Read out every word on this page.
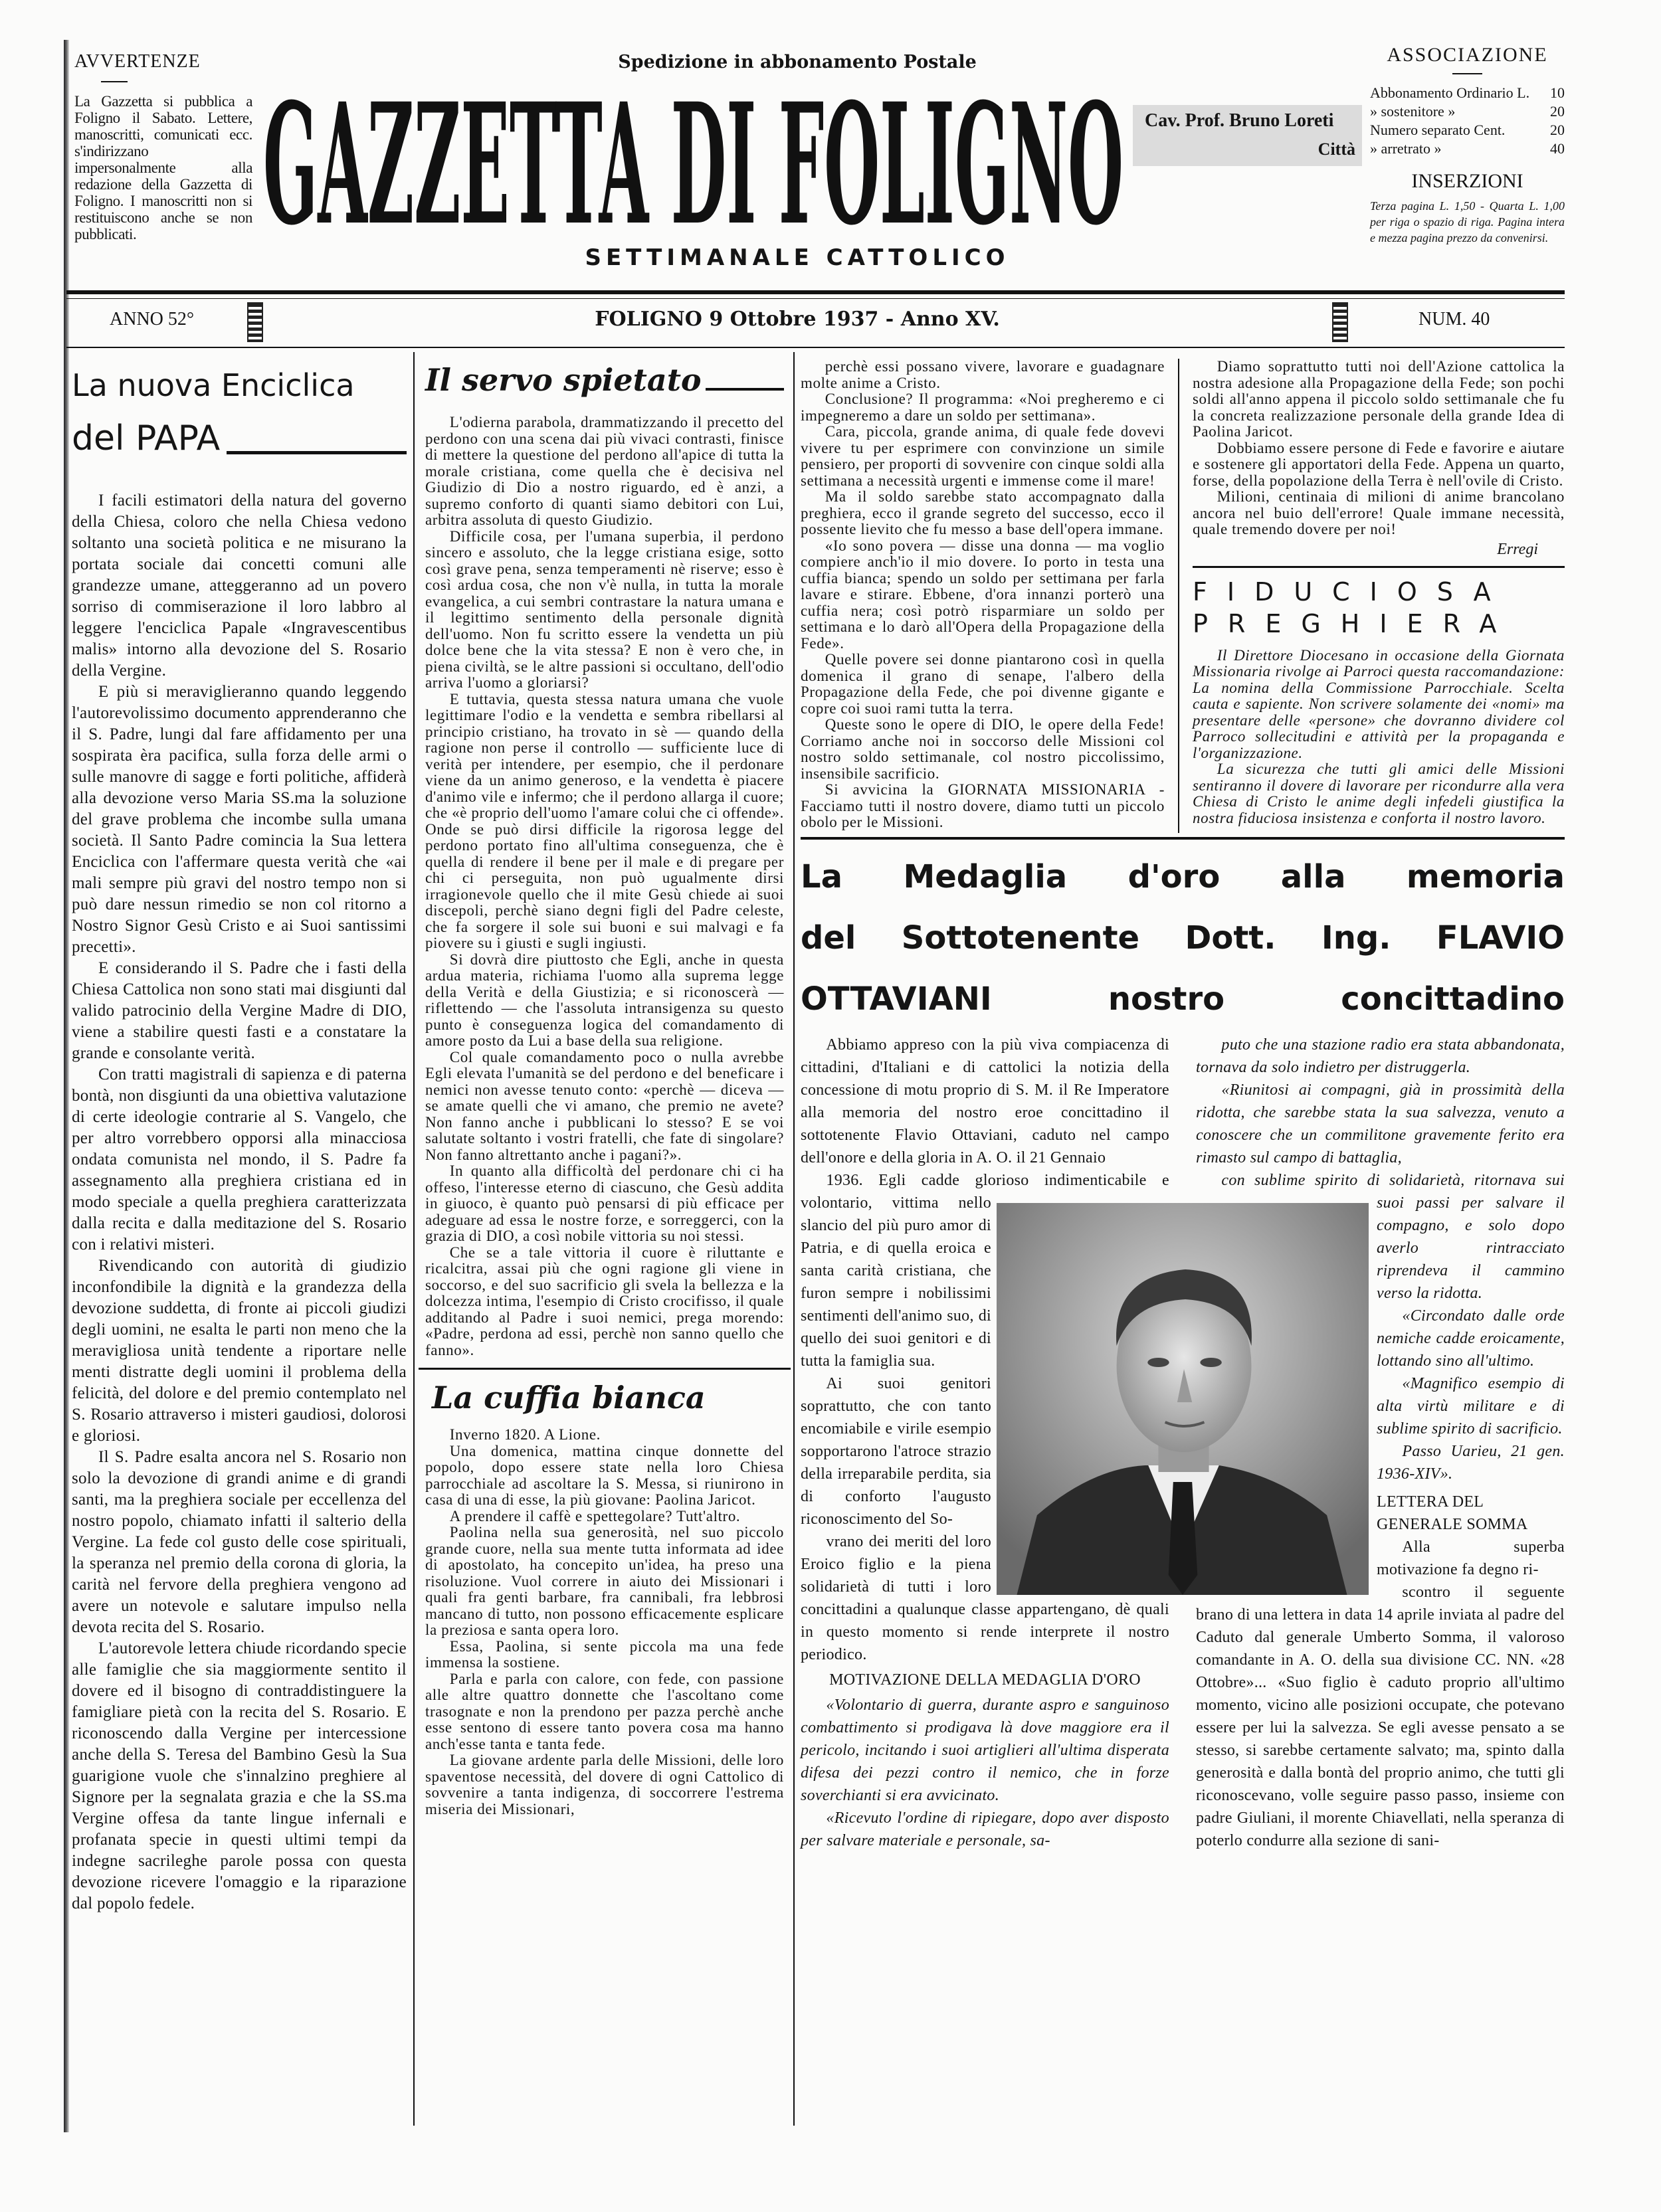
AVVERTENZE
La Gazzetta si pubblica a Foligno il Sabato. Lettere, manoscritti, comunicati ecc. s'indirizzano impersonalmente alla redazione della Gazzetta di Foligno. I manoscritti non si restituiscono anche se non pubblicati.
Spedizione in abbonamento Postale
GAZZETTA DI FOLIGNO Cav. Prof. Bruno Loreti
Città
SETTIMANALE CATTOLICO
ASSOCIAZIONE
Abbonamento Ordinario L. 10
» sostenitore »	20
Numero separato Cent.	20
» arretrato »	40
INSERZIONI
Terza pagina L. 1,50 - Quarta L. 1,00 per riga o spazio di riga. Pagina intera e mezza pagina prezzo da convenirsi.
ANNO 52°	FOLIGNO 9 Ottobre 1937 - Anno XV.	NUM. 40
La nuova Enciclica
del PAPA

I facili estimatori della natura del governo della Chiesa, coloro che nella Chiesa vedono soltanto una società politica e ne misurano la portata sociale dai concetti comuni alle grandezze umane, atteggeranno ad un povero sorriso di commiserazione il loro labbro al leggere l'enciclica Papale «Ingravescentibus malis» intorno alla devozione del S. Rosario della Vergine.

E più si meraviglieranno quando leggendo l'autorevolissimo documento apprenderanno che il S. Padre, lungi dal fare affidamento per una sospirata èra pacifica, sulla forza delle armi o sulle manovre di sagge e forti politiche, affiderà alla devozione verso Maria SS.ma la soluzione del grave problema che incombe sulla umana società. Il Santo Padre comincia la Sua lettera Enciclica con l'affermare questa verità che «ai mali sempre più gravi del nostro tempo non si può dare nessun rimedio se non col ritorno a Nostro Signor Gesù Cristo e ai Suoi santissimi precetti».

E considerando il S. Padre che i fasti della Chiesa Cattolica non sono stati mai disgiunti dal valido patrocinio della Vergine Madre di DIO, viene a stabilire questi fasti e a constatare la grande e consolante verità.

Con tratti magistrali di sapienza e di paterna bontà, non disgiunti da una obiettiva valutazione di certe ideologie contrarie al S. Vangelo, che per altro vorrebbero opporsi alla minacciosa ondata comunista nel mondo, il S. Padre fa assegnamento alla preghiera cristiana ed in modo speciale a quella preghiera caratterizzata dalla recita e dalla meditazione del S. Rosario con i relativi misteri.

Rivendicando con autorità di giudizio inconfondibile la dignità e la grandezza della devozione suddetta, di fronte ai piccoli giudizi degli uomini, ne esalta le parti non meno che la meravigliosa unità tendente a riportare nelle menti distratte degli uomini il problema della felicità, del dolore e del premio contemplato nel S. Rosario attraverso i misteri gaudiosi, dolorosi e gloriosi.

Il S. Padre esalta ancora nel S. Rosario non solo la devozione di grandi anime e di grandi santi, ma la preghiera sociale per eccellenza del nostro popolo, chiamato infatti il salterio della Vergine. La fede col gusto delle cose spirituali, la speranza nel premio della corona di gloria, la carità nel fervore della preghiera vengono ad avere un notevole e salutare impulso nella devota recita del S. Rosario.

L'autorevole lettera chiude ricordando specie alle famiglie che sia maggiormente sentito il dovere ed il bisogno di contraddistinguere la famigliare pietà con la recita del S. Rosario. E riconoscendo dalla Vergine per intercessione anche della S. Teresa del Bambino Gesù la Sua guarigione vuole che s'innalzino preghiere al Signore per la segnalata grazia e che la SS.ma Vergine offesa da tante lingue infernali e profanata specie in questi ultimi tempi da indegne sacrileghe parole possa con questa devozione ricevere l'omaggio e la riparazione dal popolo fedele.

Il servo spietato

L'odierna parabola, drammatizzando il precetto del perdono con una scena dai più vivaci contrasti, finisce di mettere la questione del perdono all'apice di tutta la morale cristiana, come quella che è decisiva nel Giudizio di Dio a nostro riguardo, ed è anzi, a supremo conforto di quanti siamo debitori con Lui, arbitra assoluta di questo Giudizio.

Difficile cosa, per l'umana superbia, il perdono sincero e assoluto, che la legge cristiana esige, sotto così grave pena, senza temperamenti nè riserve; esso è così ardua cosa, che non v'è nulla, in tutta la morale evangelica, a cui sembri contrastare la natura umana e il legittimo sentimento della personale dignità dell'uomo. Non fu scritto essere la vendetta un più dolce bene che la vita stessa? E non è vero che, in piena civiltà, se le altre passioni si occultano, dell'odio arriva l'uomo a gloriarsi?

E tuttavia, questa stessa natura umana che vuole legittimare l'odio e la vendetta e sembra ribellarsi al principio cristiano, ha trovato in sè — quando della ragione non perse il controllo — sufficiente luce di verità per intendere, per esempio, che il perdonare viene da un animo generoso, e la vendetta è piacere d'animo vile e infermo; che il perdono allarga il cuore; che «è proprio dell'uomo l'amare colui che ci offende». Onde se può dirsi difficile la rigorosa legge del perdono portato fino all'ultima conseguenza, che è quella di rendere il bene per il male e di pregare per chi ci perseguita, non può ugualmente dirsi irragionevole quello che il mite Gesù chiede ai suoi discepoli, perchè siano degni figli del Padre celeste, che fa sorgere il sole sui buoni e sui malvagi e fa piovere su i giusti e sugli ingiusti.

Si dovrà dire piuttosto che Egli, anche in questa ardua materia, richiama l'uomo alla suprema legge della Verità e della Giustizia; e si riconoscerà — riflettendo — che l'assoluta intransigenza su questo punto è conseguenza logica del comandamento di amore posto da Lui a base della sua religione.

Col quale comandamento poco o nulla avrebbe Egli elevata l'umanità se del perdono e del beneficare i nemici non avesse tenuto conto: «perchè — diceva — se amate quelli che vi amano, che premio ne avete? Non fanno anche i pubblicani lo stesso? E se voi salutate soltanto i vostri fratelli, che fate di singolare? Non fanno altrettanto anche i pagani?».

In quanto alla difficoltà del perdonare chi ci ha offeso, l'interesse eterno di ciascuno, che Gesù addita in giuoco, è quanto può pensarsi di più efficace per adeguare ad essa le nostre forze, e sorreggerci, con la grazia di DIO, a così nobile vittoria su noi stessi.

Che se a tale vittoria il cuore è riluttante e ricalcitra, assai più che ogni ragione gli viene in soccorso, e del suo sacrificio gli svela la bellezza e la dolcezza intima, l'esempio di Cristo crocifisso, il quale additando al Padre i suoi nemici, prega morendo: «Padre, perdona ad essi, perchè non sanno quello che fanno».

La cuffia bianca

Inverno 1820. A Lione.

Una domenica, mattina cinque donnette del popolo, dopo essere state nella loro Chiesa parrocchiale ad ascoltare la S. Messa, si riunirono in casa di una di esse, la più giovane: Paolina Jaricot.

A prendere il caffè e spettegolare? Tutt'altro.

Paolina nella sua generosità, nel suo piccolo grande cuore, nella sua mente tutta informata ad idee di apostolato, ha concepito un'idea, ha preso una risoluzione. Vuol correre in aiuto dei Missionari i quali fra genti barbare, fra cannibali, fra lebbrosi mancano di tutto, non possono efficacemente esplicare la preziosa e santa opera loro.

Essa, Paolina, si sente piccola ma una fede immensa la sostiene.

Parla e parla con calore, con fede, con passione alle altre quattro donnette che l'ascoltano come trasognate e non la prendono per pazza perchè anche esse sentono di essere tanto povera cosa ma hanno anch'esse tanta e tanta fede.

La giovane ardente parla delle Missioni, delle loro spaventose necessità, del dovere di ogni Cattolico di sovvenire a tanta indigenza, di soccorrere l'estrema miseria dei Missionari,

perchè essi possano vivere, lavorare e guadagnare molte anime a Cristo.

Conclusione? Il programma: «Noi pregheremo e ci impegneremo a dare un soldo per settimana».

Cara, piccola, grande anima, di quale fede dovevi vivere tu per esprimere con convinzione un simile pensiero, per proporti di sovvenire con cinque soldi alla settimana a necessità urgenti e immense come il mare!

Ma il soldo sarebbe stato accompagnato dalla preghiera, ecco il grande segreto del successo, ecco il possente lievito che fu messo a base dell'opera immane.

«Io sono povera — disse una donna — ma voglio compiere anch'io il mio dovere. Io porto in testa una cuffia bianca; spendo un soldo per settimana per farla lavare e stirare. Ebbene, d'ora innanzi porterò una cuffia nera; così potrò risparmiare un soldo per settimana e lo darò all'Opera della Propagazione della Fede».

Quelle povere sei donne piantarono così in quella domenica il grano di senape, l'albero della Propagazione della Fede, che poi divenne gigante e copre coi suoi rami tutta la terra.

Queste sono le opere di DIO, le opere della Fede! Corriamo anche noi in soccorso delle Missioni col nostro soldo settimanale, col nostro piccolissimo, insensibile sacrificio.

Si avvicina la GIORNATA MISSIONARIA - Facciamo tutti il nostro dovere, diamo tutti un piccolo obolo per le Missioni.

Diamo soprattutto tutti noi dell'Azione cattolica la nostra adesione alla Propagazione della Fede; son pochi soldi all'anno appena il piccolo soldo settimanale che fu la concreta realizzazione personale della grande Idea di Paolina Jaricot.

Dobbiamo essere persone di Fede e favorire e aiutare e sostenere gli apportatori della Fede. Appena un quarto, forse, della popolazione della Terra è nell'ovile di Cristo.

Milioni, centinaia di milioni di anime brancolano ancora nel buio dell'errore! Quale immane necessità, quale tremendo dovere per noi!

Erregi
FIDUCIOSA
PREGHIERA

Il Direttore Diocesano in occasione della Giornata Missionaria rivolge ai Parroci questa raccomandazione: La nomina della Commissione Parrocchiale. Scelta cauta e sapiente. Non scrivere solamente dei «nomi» ma presentare delle «persone» che dovranno dividere col Parroco sollecitudini e attività per la propaganda e l'organizzazione.

La sicurezza che tutti gli amici delle Missioni sentiranno il dovere di lavorare per ricondurre alla vera Chiesa di Cristo le anime degli infedeli giustifica la nostra fiduciosa insistenza e conforta il nostro lavoro.

La Medaglia d'oro alla memoria
del Sottotenente Dott. Ing. FLAVIO
OTTAVIANI nostro concittadino

Abbiamo appreso con la più viva compiacenza di cittadini, d'Italiani e di cattolici la notizia della concessione di motu proprio di S. M. il Re Imperatore alla memoria del nostro eroe concittadino il sottotenente Flavio Ottaviani, caduto nel campo dell'onore e della gloria in A. O. il 21 Gennaio

1936. Egli cadde glorioso indimenticabile e volontario, vittima nello slancio del più puro amor di Patria, e di quella eroica e santa carità cristiana, che furon sempre i nobilissimi sentimenti dell'animo suo, di quello dei suoi genitori e di tutta la famiglia sua.

Ai suoi genitori soprattutto, che con tanto encomiabile e virile esempio sopportarono l'atroce strazio della irreparabile perdita, sia di conforto l'augusto riconoscimento del So-

vrano dei meriti del loro Eroico figlio e la piena solidarietà di tutti i loro concittadini a qualunque classe appartengano, dè quali in questo momento si rende interprete il nostro periodico.

MOTIVAZIONE DELLA MEDAGLIA D'ORO

«Volontario di guerra, durante aspro e sanguinoso combattimento si prodigava là dove maggiore era il pericolo, incitando i suoi artiglieri all'ultima disperata difesa dei pezzi contro il nemico, che in forze soverchianti si era avvicinato.

«Ricevuto l'ordine di ripiegare, dopo aver disposto per salvare materiale e personale, sa-

puto che una stazione radio era stata abbandonata, tornava da solo indietro per distruggerla.

«Riunitosi ai compagni, già in prossimità della ridotta, che sarebbe stata la sua salvezza, venuto a conoscere che un commilitone gravemente ferito era rimasto sul campo di battaglia,

con sublime spirito di solidarietà, ritornava sui suoi passi per salvare il compagno, e solo dopo averlo rintracciato riprendeva il cammino verso la ridotta.

«Circondato dalle orde nemiche cadde eroicamente, lottando sino all'ultimo.

«Magnifico esempio di alta virtù militare e di sublime spirito di sacrificio.

Passo Uarieu, 21 gen. 1936-XIV».

LETTERA DEL GENERALE SOMMA

Alla superba motivazione fa degno ri-

scontro il seguente brano di una lettera in data 14 aprile inviata al padre del Caduto dal generale Umberto Somma, il valoroso comandante in A. O. della sua divisione CC. NN. «28 Ottobre»... «Suo figlio è caduto proprio all'ultimo momento, vicino alle posizioni occupate, che potevano essere per lui la salvezza. Se egli avesse pensato a se stesso, si sarebbe certamente salvato; ma, spinto dalla generosità e dalla bontà del proprio animo, che tutti gli riconoscevano, volle seguire passo passo, insieme con padre Giuliani, il morente Chiavellati, nella speranza di poterlo condurre alla sezione di sani-
